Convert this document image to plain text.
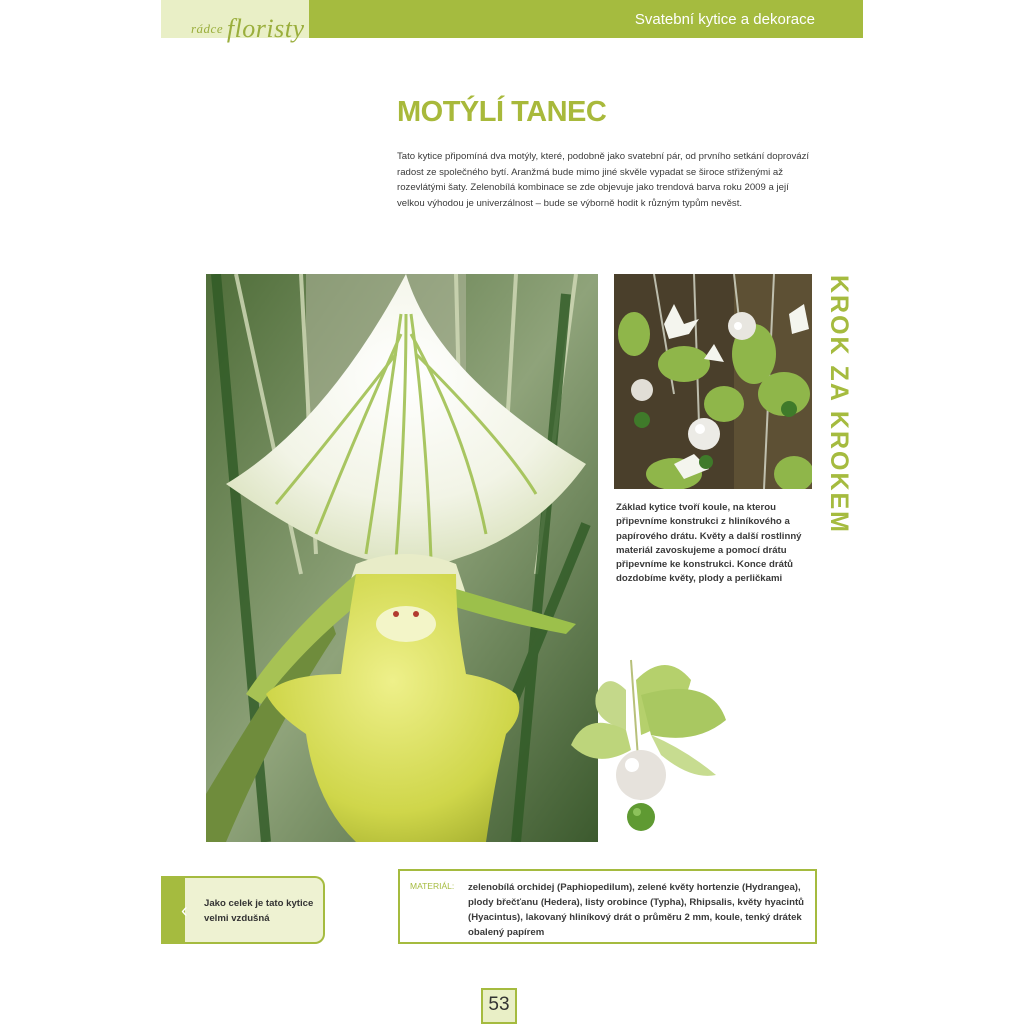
rádce floristy	Svatební kytice a dekorace
MOTÝLÍ TANEC
Tato kytice připomíná dva motýly, které, podobně jako svatební pár, od prvního setkání doprovází radost ze společného bytí. Aranžmá bude mimo jiné skvěle vypadat se široce střiženými až rozevlátými šaty. Zelenobílá kombinace se zde objevuje jako trendová barva roku 2009 a její velkou výhodou je univerzálnost – bude se výborně hodit k různým typům nevěst.
KROK ZA KROKEM
Základ kytice tvoří koule, na kterou připevníme konstrukci z hliníkového a papírového drátu. Květy a další rostlinný materiál zavoskujeme a pomocí drátu připevníme ke konstrukci. Konce drátů dozdobíme květy, plody a perličkami
‹ Jako celek je tato kytice velmi vzdušná
MATERIÁL: zelenobílá orchidej (Paphiopedilum), zelené květy hortenzie (Hydrangea), plody břečťanu (Hedera), listy orobince (Typha), Rhipsalis, květy hyacintů (Hyacintus), lakovaný hliníkový drát o průměru 2 mm, koule, tenký drátek obalený papírem
53
